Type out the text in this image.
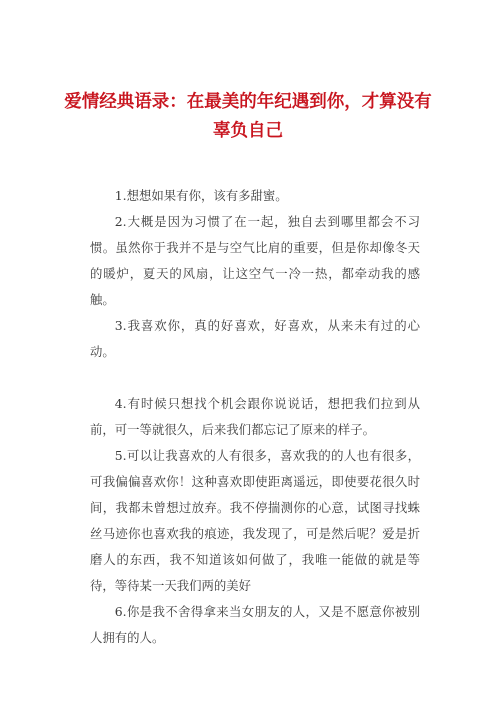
爱情经典语录：在最美的年纪遇到你，才算没有辜负自己

1.想想如果有你，该有多甜蜜。

2.大概是因为习惯了在一起，独自去到哪里都会不习惯。虽然你于我并不是与空气比肩的重要，但是你却像冬天的暖炉，夏天的风扇，让这空气一冷一热，都牵动我的感触。

3.我喜欢你，真的好喜欢，好喜欢，从来未有过的心动。

4.有时候只想找个机会跟你说说话，想把我们拉到从前，可一等就很久，后来我们都忘记了原来的样子。

5.可以让我喜欢的人有很多，喜欢我的的人也有很多，可我偏偏喜欢你！这种喜欢即使距离遥远，即使要花很久时间，我都未曾想过放弃。我不停揣测你的心意，试图寻找蛛丝马迹你也喜欢我的痕迹，我发现了，可是然后呢？爱是折磨人的东西，我不知道该如何做了，我唯一能做的就是等待，等待某一天我们两的美好

6.你是我不舍得拿来当女朋友的人，又是不愿意你被别人拥有的人。
